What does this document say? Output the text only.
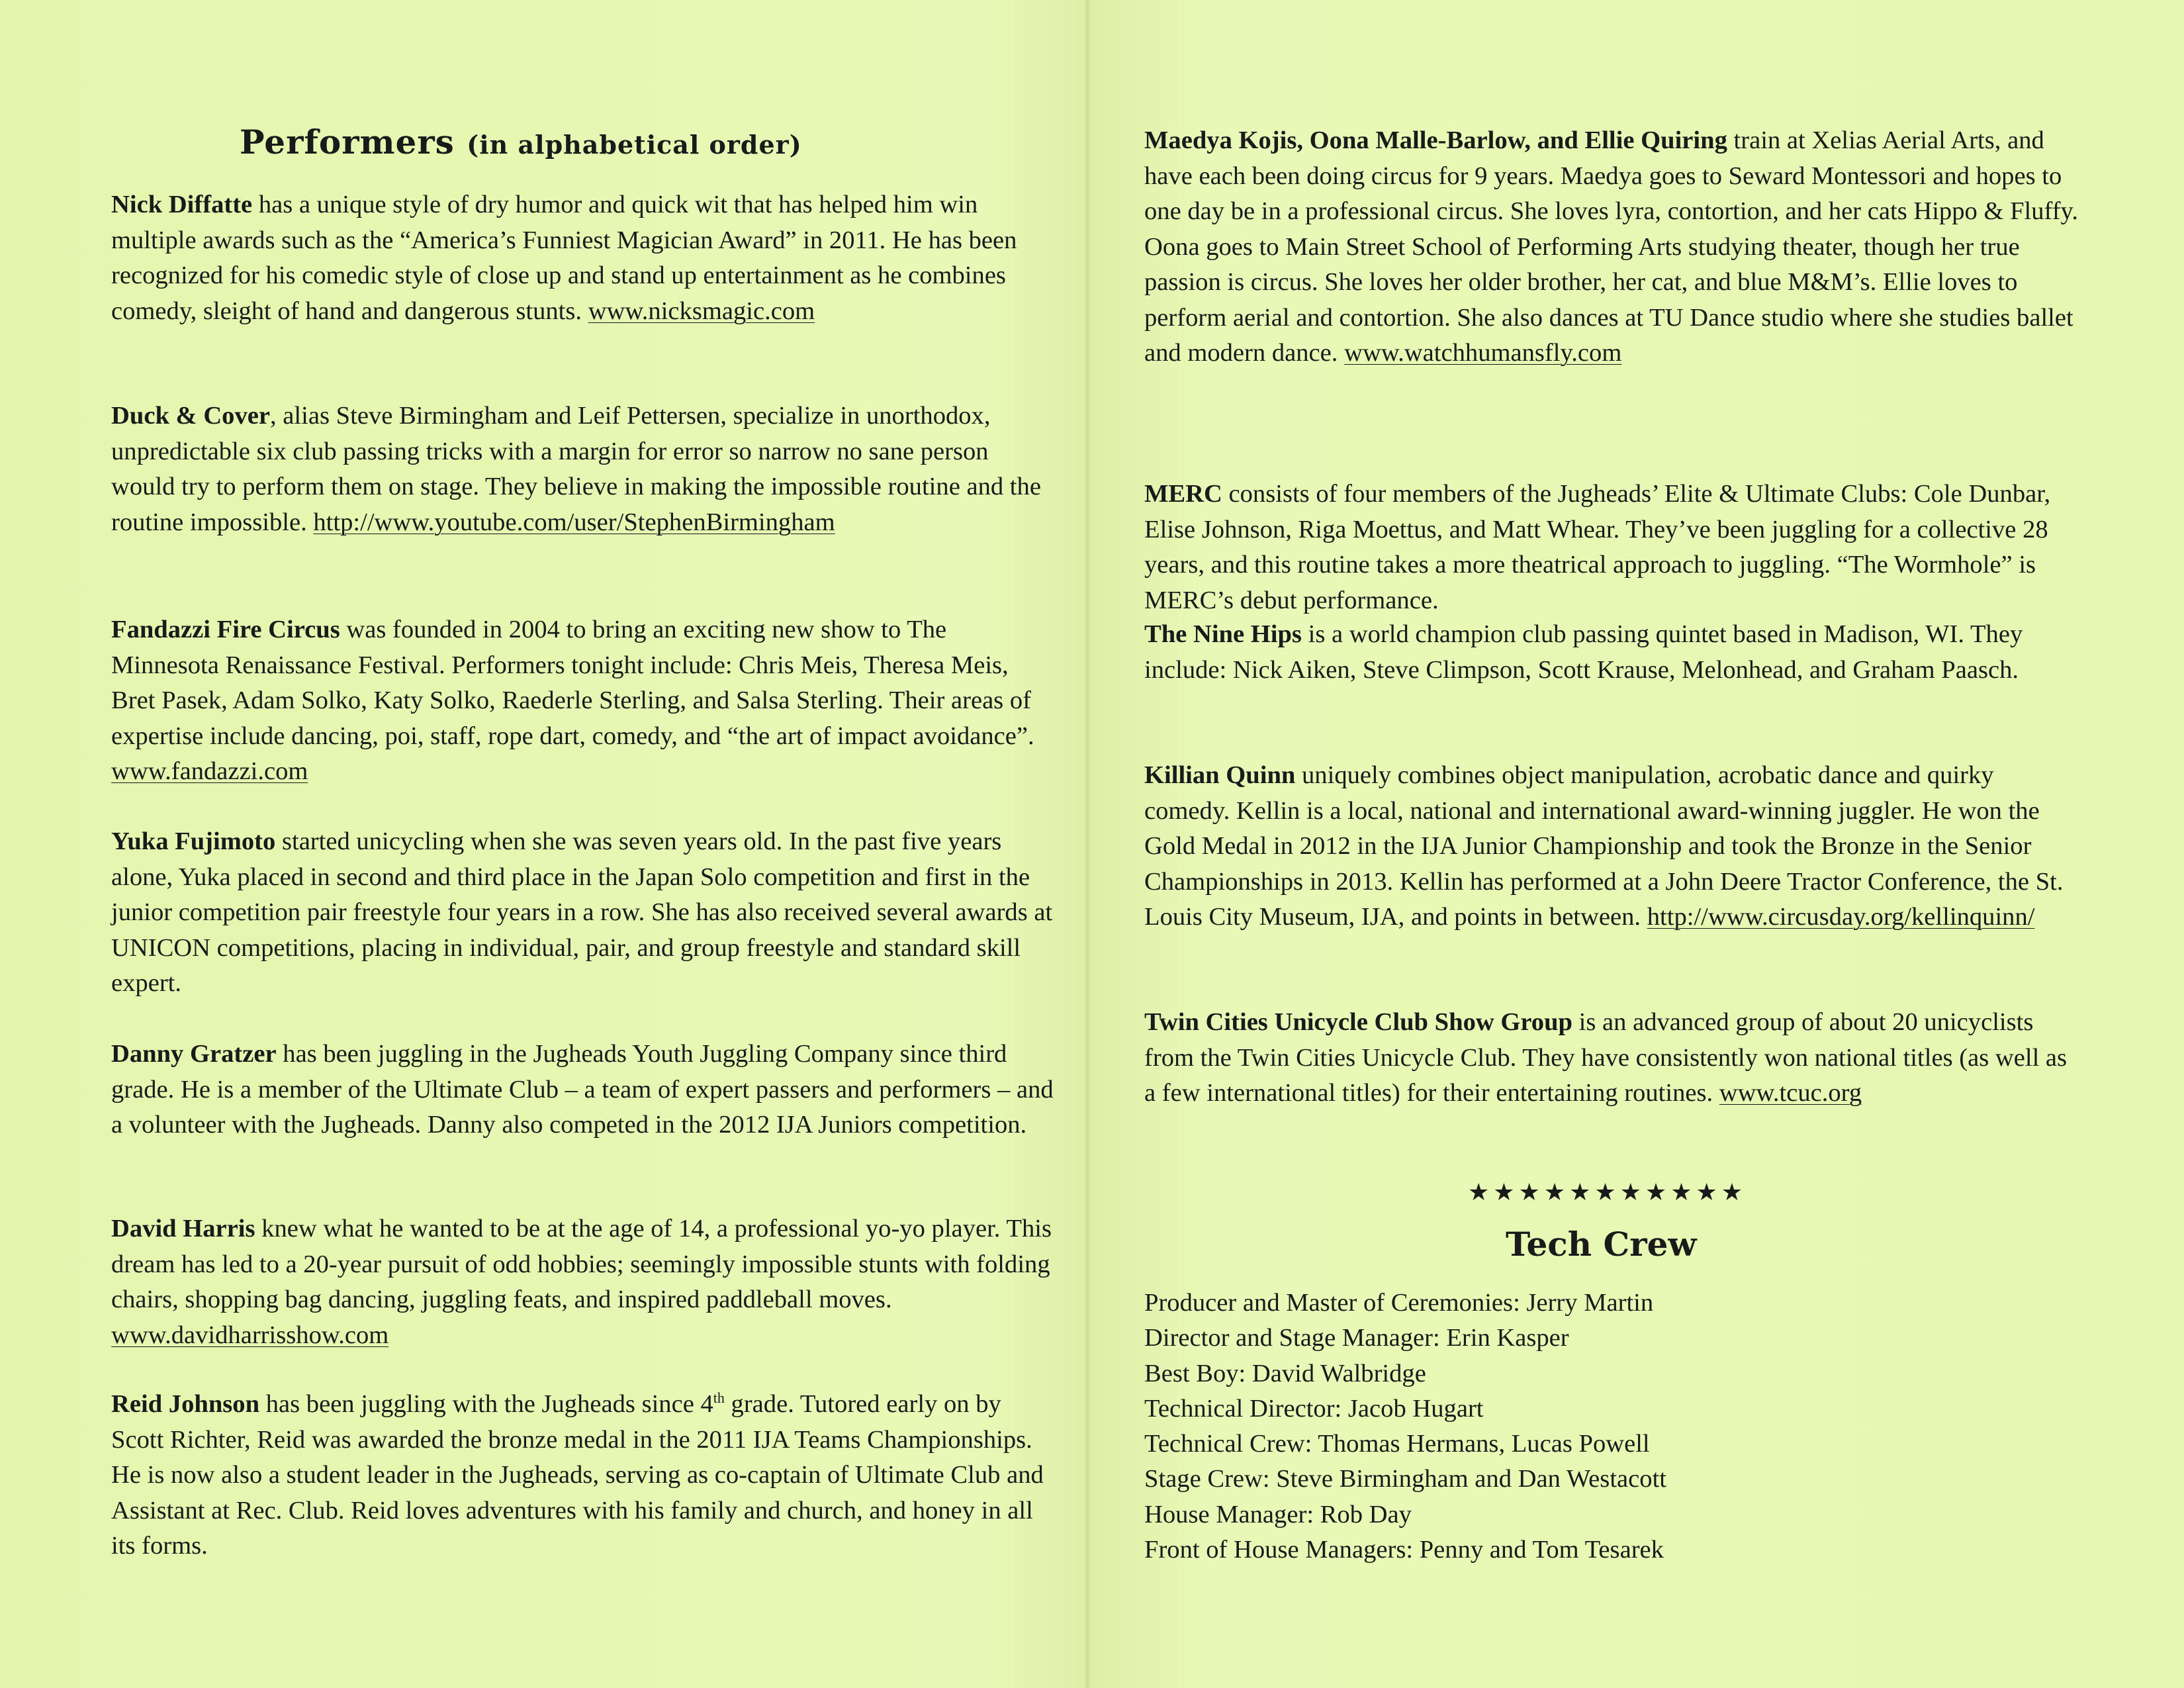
Performers (in alphabetical order)

Nick Diffatte has a unique style of dry humor and quick wit that has helped him win multiple awards such as the “America’s Funniest Magician Award” in 2011. He has been recognized for his comedic style of close up and stand up entertainment as he combines comedy, sleight of hand and dangerous stunts. www.nicksmagic.com

Duck & Cover, alias Steve Birmingham and Leif Pettersen, specialize in unorthodox, unpredictable six club passing tricks with a margin for error so narrow no sane person would try to perform them on stage. They believe in making the impossible routine and the routine impossible. http://www.youtube.com/user/StephenBirmingham

Fandazzi Fire Circus was founded in 2004 to bring an exciting new show to The Minnesota Renaissance Festival. Performers tonight include: Chris Meis, Theresa Meis, Bret Pasek, Adam Solko, Katy Solko, Raederle Sterling, and Salsa Sterling. Their areas of expertise include dancing, poi, staff, rope dart, comedy, and “the art of impact avoidance”. www.fandazzi.com

Yuka Fujimoto started unicycling when she was seven years old. In the past five years alone, Yuka placed in second and third place in the Japan Solo competition and first in the junior competition pair freestyle four years in a row. She has also received several awards at UNICON competitions, placing in individual, pair, and group freestyle and standard skill expert.

Danny Gratzer has been juggling in the Jugheads Youth Juggling Company since third grade. He is a member of the Ultimate Club – a team of expert passers and performers – and a volunteer with the Jugheads. Danny also competed in the 2012 IJA Juniors competition.

David Harris knew what he wanted to be at the age of 14, a professional yo-yo player. This dream has led to a 20-year pursuit of odd hobbies; seemingly impossible stunts with folding chairs, shopping bag dancing, juggling feats, and inspired paddleball moves. www.davidharrisshow.com

Reid Johnson has been juggling with the Jugheads since 4th grade. Tutored early on by Scott Richter, Reid was awarded the bronze medal in the 2011 IJA Teams Championships. He is now also a student leader in the Jugheads, serving as co-captain of Ultimate Club and Assistant at Rec. Club. Reid loves adventures with his family and church, and honey in all its forms.

Maedya Kojis, Oona Malle-Barlow, and Ellie Quiring train at Xelias Aerial Arts, and have each been doing circus for 9 years. Maedya goes to Seward Montessori and hopes to one day be in a professional circus. She loves lyra, contortion, and her cats Hippo & Fluffy. Oona goes to Main Street School of Performing Arts studying theater, though her true passion is circus. She loves her older brother, her cat, and blue M&M’s. Ellie loves to perform aerial and contortion. She also dances at TU Dance studio where she studies ballet and modern dance. www.watchhumansfly.com

MERC consists of four members of the Jugheads’ Elite & Ultimate Clubs: Cole Dunbar, Elise Johnson, Riga Moettus, and Matt Whear. They’ve been juggling for a collective 28 years, and this routine takes a more theatrical approach to juggling. “The Wormhole” is MERC’s debut performance.

The Nine Hips is a world champion club passing quintet based in Madison, WI. They include: Nick Aiken, Steve Climpson, Scott Krause, Melonhead, and Graham Paasch.

Killian Quinn uniquely combines object manipulation, acrobatic dance and quirky comedy. Kellin is a local, national and international award-winning juggler. He won the Gold Medal in 2012 in the IJA Junior Championship and took the Bronze in the Senior Championships in 2013. Kellin has performed at a John Deere Tractor Conference, the St. Louis City Museum, IJA, and points in between. http://www.circusday.org/kellinquinn/

Twin Cities Unicycle Club Show Group is an advanced group of about 20 unicyclists from the Twin Cities Unicycle Club. They have consistently won national titles (as well as a few international titles) for their entertaining routines. www.tcuc.org

★★★★★★★★★★★
Tech Crew
Producer and Master of Ceremonies: Jerry Martin
Director and Stage Manager: Erin Kasper
Best Boy: David Walbridge
Technical Director: Jacob Hugart
Technical Crew: Thomas Hermans, Lucas Powell
Stage Crew: Steve Birmingham and Dan Westacott
House Manager: Rob Day
Front of House Managers: Penny and Tom Tesarek
